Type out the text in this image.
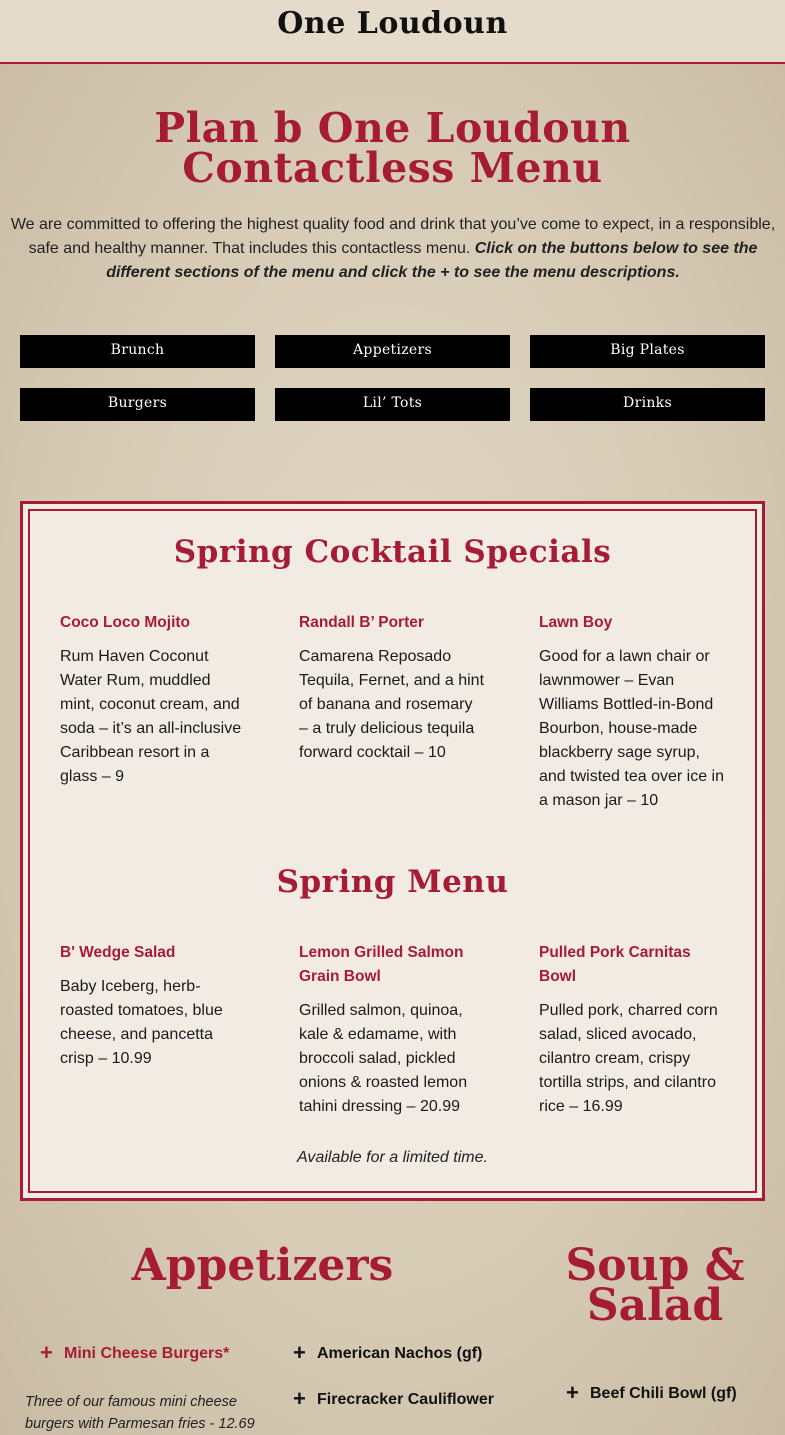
One Loudoun
Plan b One Loudoun
Contactless Menu
We are committed to offering the highest quality food and drink that you’ve come to expect, in a responsible, safe and healthy manner. That includes this contactless menu. Click on the buttons below to see the different sections of the menu and click the + to see the menu descriptions.
Brunch	Appetizers	Big Plates
Burgers	Lil’ Tots	Drinks
Spring Cocktail Specials
Coco Loco Mojito
Rum Haven Coconut Water Rum, muddled mint, coconut cream, and soda – it’s an all-inclusive Caribbean resort in a glass – 9
Randall B’ Porter
Camarena Reposado Tequila, Fernet, and a hint of banana and rosemary – a truly delicious tequila forward cocktail – 10
Lawn Boy
Good for a lawn chair or lawnmower – Evan Williams Bottled-in-Bond Bourbon, house-made blackberry sage syrup, and twisted tea over ice in a mason jar – 10
Spring Menu
B' Wedge Salad
Baby Iceberg, herb-roasted tomatoes, blue cheese, and pancetta crisp – 10.99
Lemon Grilled Salmon Grain Bowl
Grilled salmon, quinoa, kale & edamame, with broccoli salad, pickled onions & roasted lemon tahini dressing – 20.99
Pulled Pork Carnitas Bowl
Pulled pork, charred corn salad, sliced avocado, cilantro cream, crispy tortilla strips, and cilantro rice – 16.99
Available for a limited time.
Appetizers	Soup &
Salad
+ Mini Cheese Burgers*	+ American Nachos (gf)
+ Firecracker Cauliflower	+ Beef Chili Bowl (gf)
Three of our famous mini cheese burgers with Parmesan fries - 12.69
